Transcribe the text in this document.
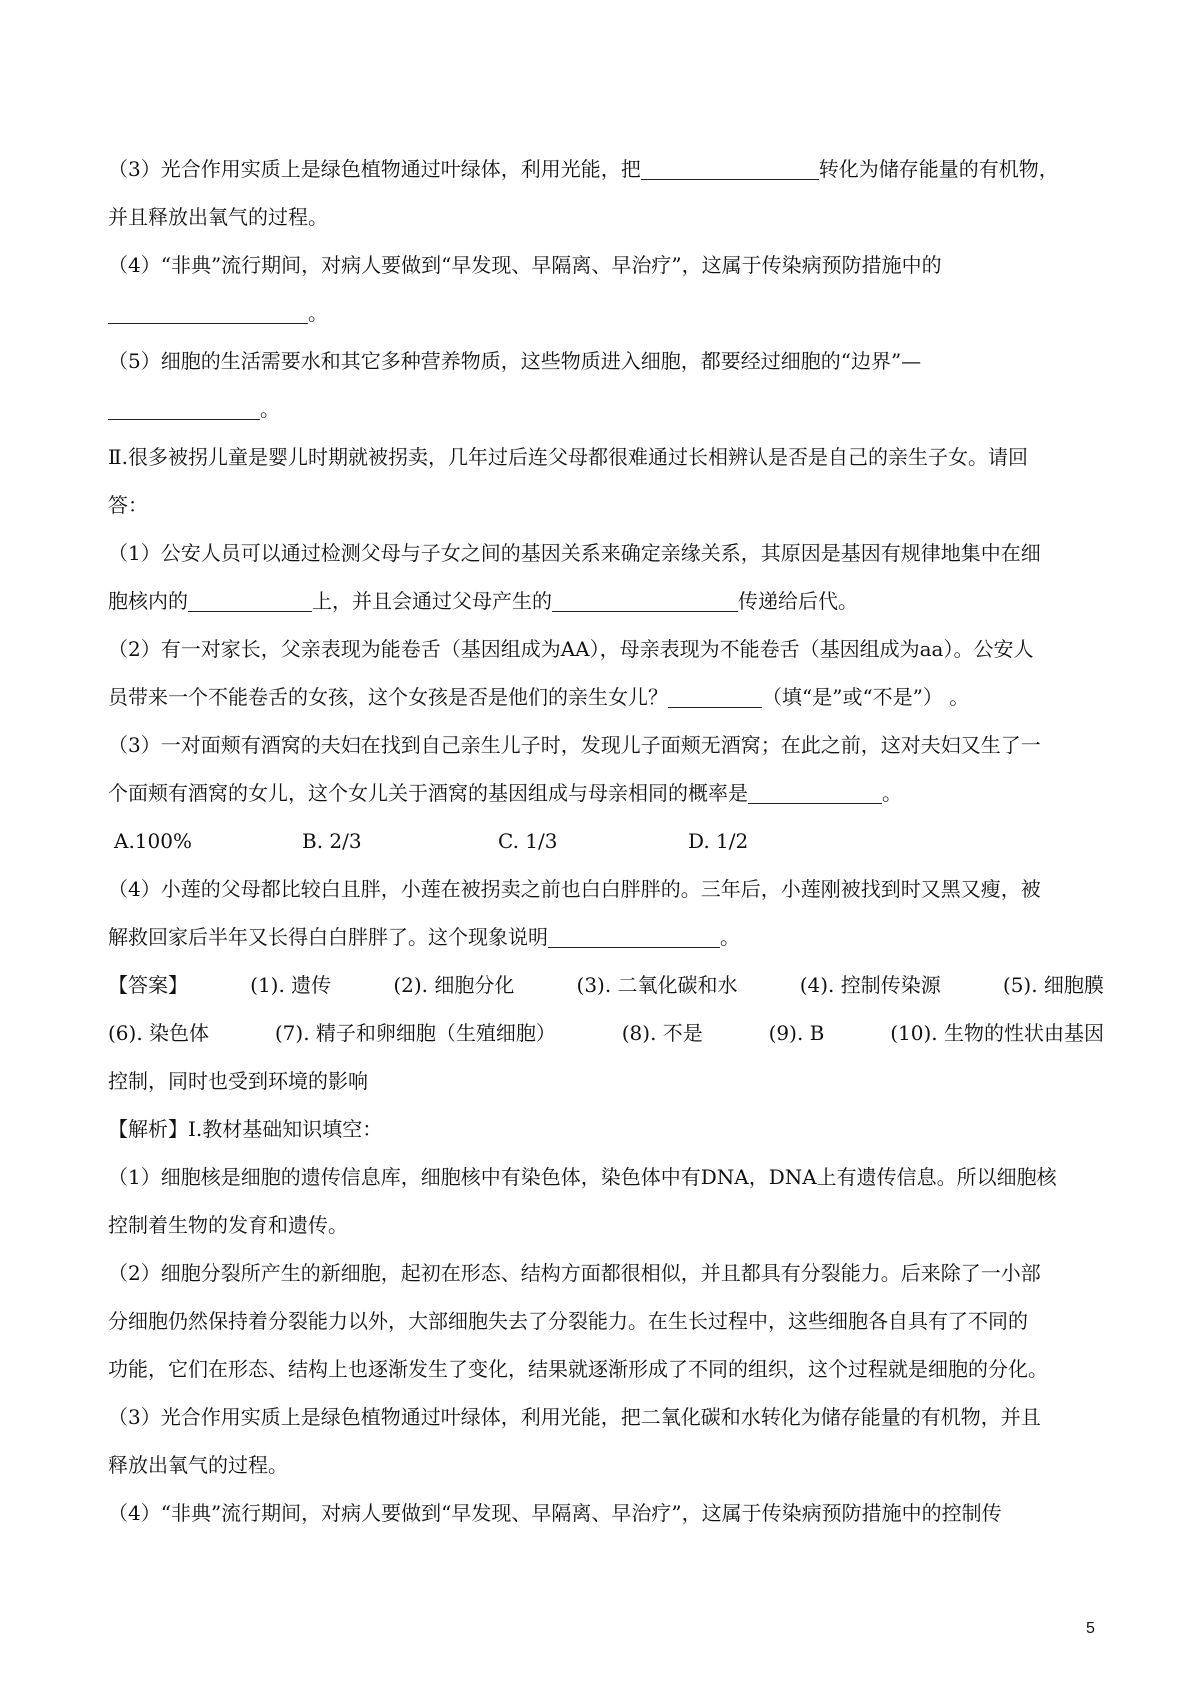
（3）光合作用实质上是绿色植物通过叶绿体，利用光能，把	转化为储存能量的有机物，

并且释放出氧气的过程。

（4）“非典”流行期间，对病人要做到“早发现、早隔离、早治疗”，这属于传染病预防措施中的

。

（5）细胞的生活需要水和其它多种营养物质，这些物质进入细胞，都要经过细胞的“边界”—

。

Ⅱ.很多被拐儿童是婴儿时期就被拐卖，几年过后连父母都很难通过长相辨认是否是自己的亲生子女。请回

答：

（1）公安人员可以通过检测父母与子女之间的基因关系来确定亲缘关系，其原因是基因有规律地集中在细

胞核内的	上，并且会通过父母产生的	传递给后代。

（2）有一对家长，父亲表现为能卷舌（基因组成为AA），母亲表现为不能卷舌（基因组成为aa）。公安人

员带来一个不能卷舌的女孩，这个女孩是否是他们的亲生女儿？	（填“是”或“不是”） 。

（3）一对面颊有酒窝的夫妇在找到自己亲生儿子时，发现儿子面颊无酒窝；在此之前，这对夫妇又生了一

个面颊有酒窝的女儿，这个女儿关于酒窝的基因组成与母亲相同的概率是	。

A.100%	B. 2/3	C. 1/3	D. 1/2

（4）小莲的父母都比较白且胖，小莲在被拐卖之前也白白胖胖的。三年后，小莲刚被找到时又黑又瘦，被

解救回家后半年又长得白白胖胖了。这个现象说明	。

【答案】	(1). 遗传	(2). 细胞分化	(3). 二氧化碳和水	(4). 控制传染源	(5). 细胞膜

(6). 染色体	(7). 精子和卵细胞（生殖细胞）	(8). 不是	(9). B	(10). 生物的性状由基因

控制，同时也受到环境的影响

【解析】Ⅰ.教材基础知识填空：

（1）细胞核是细胞的遗传信息库，细胞核中有染色体，染色体中有DNA，DNA上有遗传信息。所以细胞核

控制着生物的发育和遗传。

（2）细胞分裂所产生的新细胞，起初在形态、结构方面都很相似，并且都具有分裂能力。后来除了一小部

分细胞仍然保持着分裂能力以外，大部细胞失去了分裂能力。在生长过程中，这些细胞各自具有了不同的

功能，它们在形态、结构上也逐渐发生了变化，结果就逐渐形成了不同的组织，这个过程就是细胞的分化。

（3）光合作用实质上是绿色植物通过叶绿体，利用光能，把二氧化碳和水转化为储存能量的有机物，并且

释放出氧气的过程。

（4）“非典”流行期间，对病人要做到“早发现、早隔离、早治疗”，这属于传染病预防措施中的控制传

5
